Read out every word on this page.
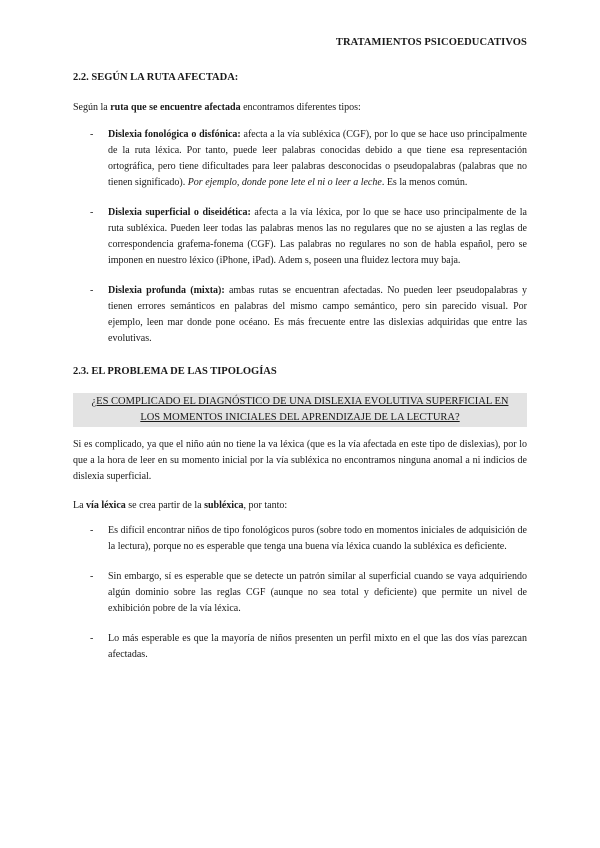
TRATAMIENTOS PSICOEDUCATIVOS
2.2. SEGÚN LA RUTA AFECTADA:
Según la ruta que se encuentre afectada encontramos diferentes tipos:
- Dislexia fonológica o disfónica: afecta a la vía subléxica (CGF), por lo que se hace uso principalmente de la ruta léxica. Por tanto, puede leer palabras conocidas debido a que tiene esa representación ortográfica, pero tiene dificultades para leer palabras desconocidas o pseudopalabras (palabras que no tienen significado). Por ejemplo, donde pone lete el ni o leer a leche. Es la menos común.
- Dislexia superficial o diseidética: afecta a la vía léxica, por lo que se hace uso principalmente de la ruta subléxica. Pueden leer todas las palabras menos las no regulares que no se ajusten a las reglas de correspondencia grafema-fonema (CGF). Las palabras no regulares no son de habla español, pero se imponen en nuestro léxico (iPhone, iPad). Adem s, poseen una fluidez lectora muy baja.
- Dislexia profunda (mixta): ambas rutas se encuentran afectadas. No pueden leer pseudopalabras y tienen errores semánticos en palabras del mismo campo semántico, pero sin parecido visual. Por ejemplo, leen mar donde pone océano. Es más frecuente entre las dislexias adquiridas que entre las evolutivas.
2.3. EL PROBLEMA DE LAS TIPOLOGÍAS
¿ES COMPLICADO EL DIAGNÓSTICO DE UNA DISLEXIA EVOLUTIVA SUPERFICIAL EN
LOS MOMENTOS INICIALES DEL APRENDIZAJE DE LA LECTURA?
Si es complicado, ya que el niño aún no tiene la va léxica (que es la vía afectada en este tipo de dislexias), por lo que a la hora de leer en su momento inicial por la vía subléxica no encontramos ninguna anomal a ni indicios de dislexia superficial.
La vía léxica se crea partir de la subléxica, por tanto:
- Es difícil encontrar niños de tipo fonológicos puros (sobre todo en momentos iniciales de adquisición de la lectura), porque no es esperable que tenga una buena vía léxica cuando la subléxica es deficiente.
- Sin embargo, sí es esperable que se detecte un patrón similar al superficial cuando se vaya adquiriendo algún dominio sobre las reglas CGF (aunque no sea total y deficiente) que permite un nivel de exhibición pobre de la vía léxica.
- Lo más esperable es que la mayoría de niños presenten un perfil mixto en el que las dos vías parezcan afectadas.
